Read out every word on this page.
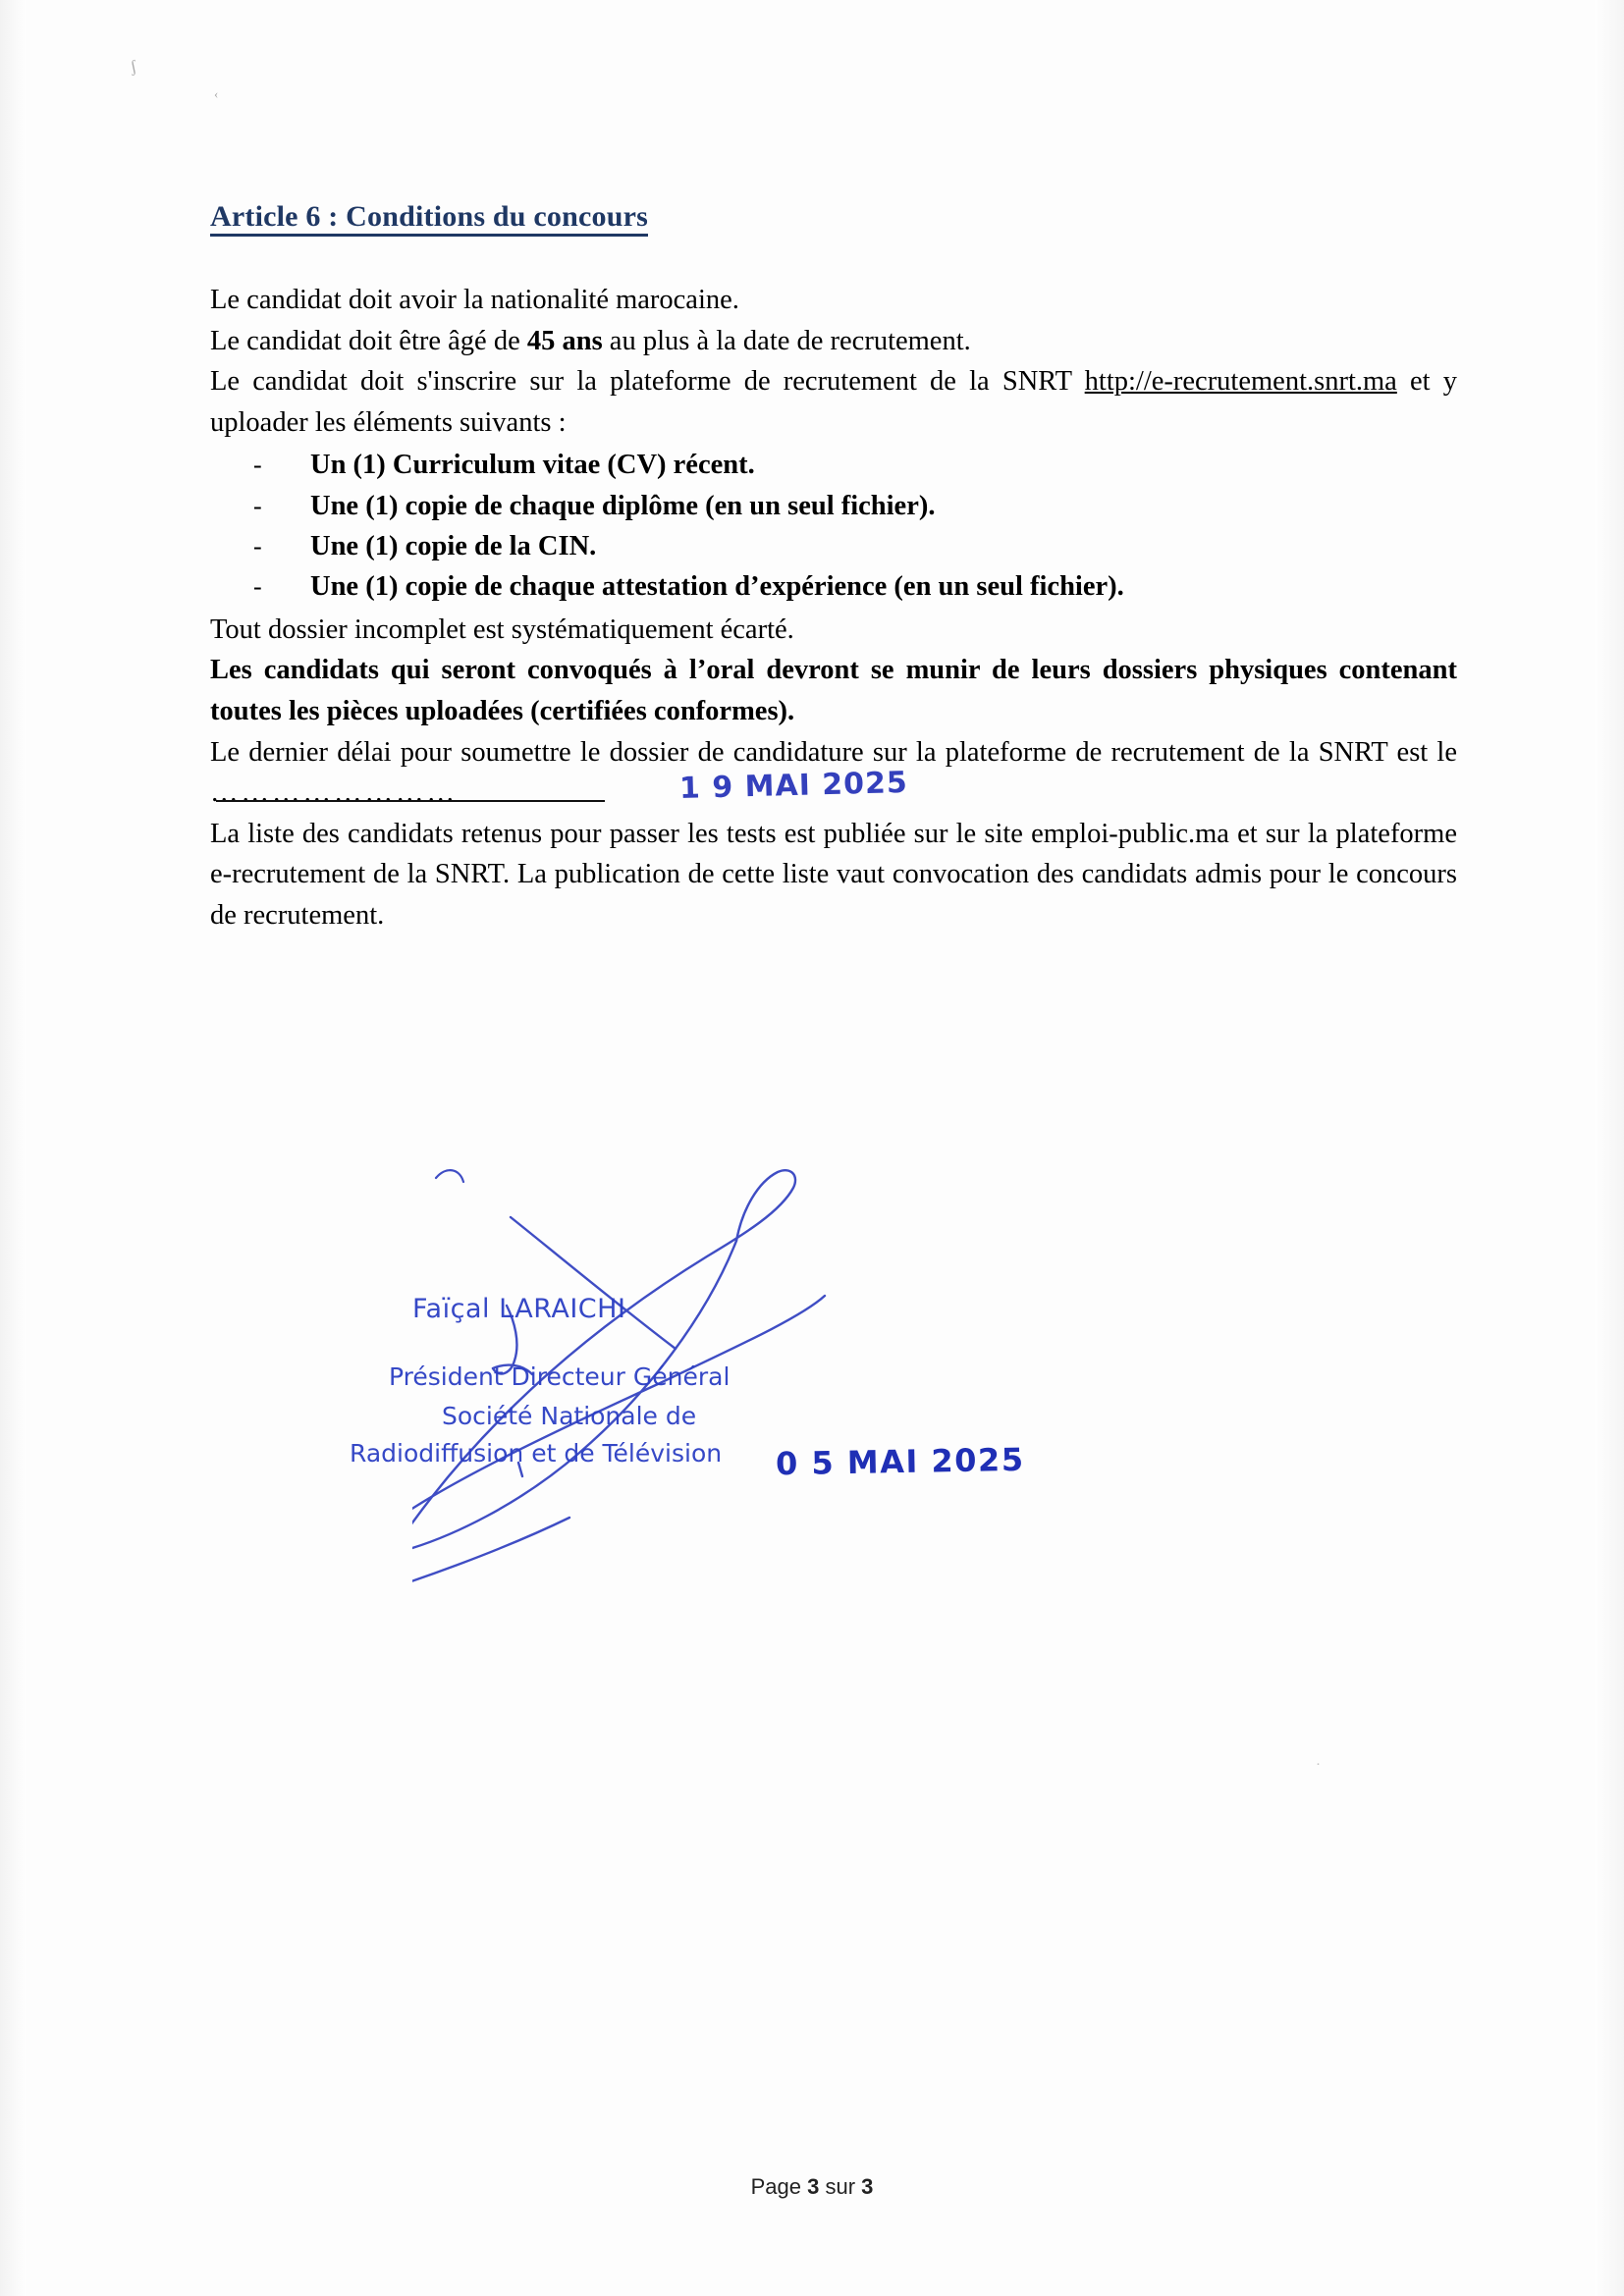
ʃ
‹
·
Article 6 : Conditions du concours

Le candidat doit avoir la nationalité marocaine.

Le candidat doit être âgé de 45 ans au plus à la date de recrutement.

Le candidat doit s'inscrire sur la plateforme de recrutement de la SNRT http://e-recrutement.snrt.ma et y uploader les éléments suivants :

-	Un (1) Curriculum vitae (CV) récent.
-	Une (1) copie de chaque diplôme (en un seul fichier).
-	Une (1) copie de la CIN.
-	Une (1) copie de chaque attestation d’expérience (en un seul fichier).

Tout dossier incomplet est systématiquement écarté.

Les candidats qui seront convoqués à l’oral devront se munir de leurs dossiers physiques contenant toutes les pièces uploadées (certifiées conformes).

Le dernier délai pour soumettre le dossier de candidature sur la plateforme de recrutement de la SNRT est le ……………………	1 9 MAI 2025

La liste des candidats retenus pour passer les tests est publiée sur le site emploi-public.ma et sur la plateforme e-recrutement de la SNRT. La publication de cette liste vaut convocation des candidats admis pour le concours de recrutement.

Faïçal LARAICHI
Président Directeur Général
Société Nationale de
Radiodiffusion et de Télévision 0 5 MAI 2025
Page 3 sur 3
